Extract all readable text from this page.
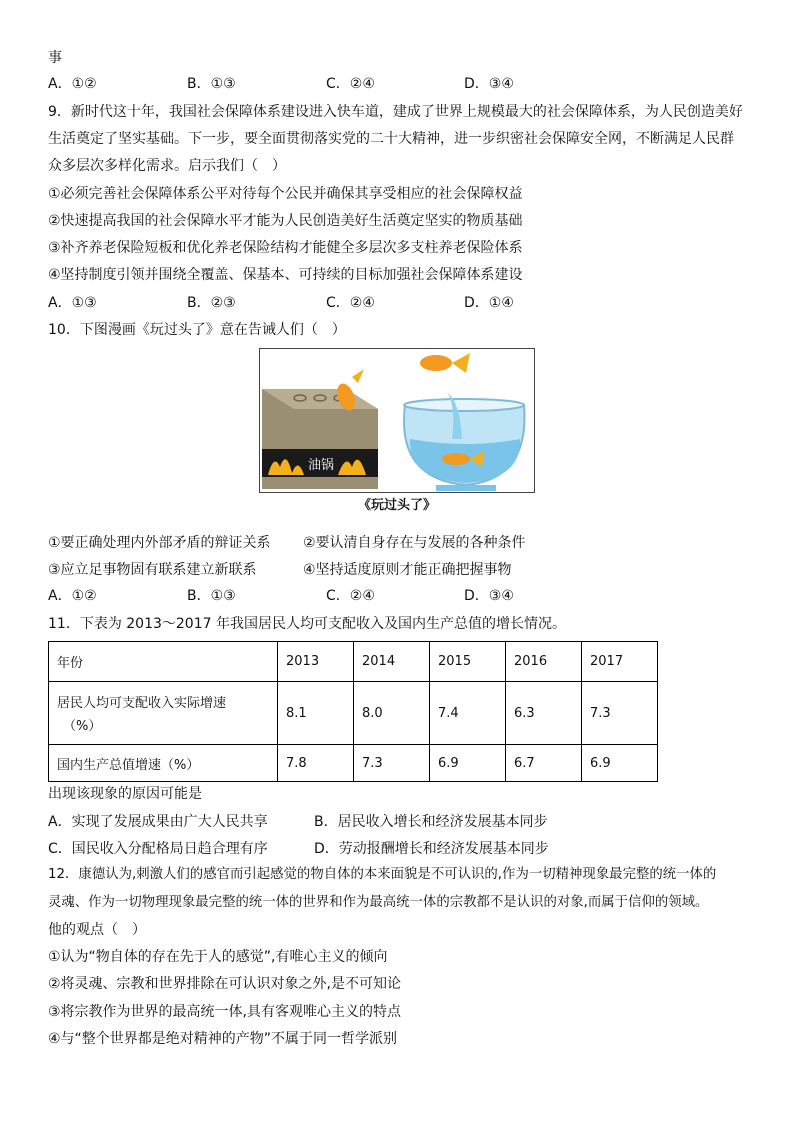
事
A．①②	B．①③	C．②④	D．③④
9．新时代这十年，我国社会保障体系建设进入快车道，建成了世界上规模最大的社会保障体系，为人民创造美好
生活奠定了坚实基础。下一步，要全面贯彻落实党的二十大精神，进一步织密社会保障安全网，不断满足人民群
众多层次多样化需求。启示我们（　）
①必须完善社会保障体系公平对待每个公民并确保其享受相应的社会保障权益
②快速提高我国的社会保障水平才能为人民创造美好生活奠定坚实的物质基础
③补齐养老保险短板和优化养老保险结构才能健全多层次多支柱养老保险体系
④坚持制度引领并围绕全覆盖、保基本、可持续的目标加强社会保障体系建设
A．①③	B．②③	C．②④	D．①④
10．下图漫画《玩过头了》意在告诫人们（　）
油锅
《玩过头了》
①要正确处理内外部矛盾的辩证关系 ②要认清自身存在与发展的各种条件
③应立足事物固有联系建立新联系	④坚持适度原则才能正确把握事物
A．①②	B．①③	C．②④	D．③④
11．下表为 2013～2017 年我国居民人均可支配收入及国内生产总值的增长情况。
年份	2013	2014	2015	2016	2017

居民人均可支配收入实际增速
（%）	8.1	8.0	7.4	6.3	7.3
国内生产总值增速（%）	7.8	7.3	6.9	6.7	6.9
出现该现象的原因可能是
A．实现了发展成果由广大人民共享	B．居民收入增长和经济发展基本同步
C．国民收入分配格局日趋合理有序	D．劳动报酬增长和经济发展基本同步
12．康德认为,刺激人们的感官而引起感觉的物自体的本来面貌是不可认识的,作为一切精神现象最完整的统一体的
灵魂、作为一切物理现象最完整的统一体的世界和作为最高统一体的宗教都不是认识的对象,而属于信仰的领域。
他的观点（　）
①认为“物自体的存在先于人的感觉”,有唯心主义的倾向
②将灵魂、宗教和世界排除在可认识对象之外,是不可知论
③将宗教作为世界的最高统一体,具有客观唯心主义的特点
④与“整个世界都是绝对精神的产物”不属于同一哲学派别
